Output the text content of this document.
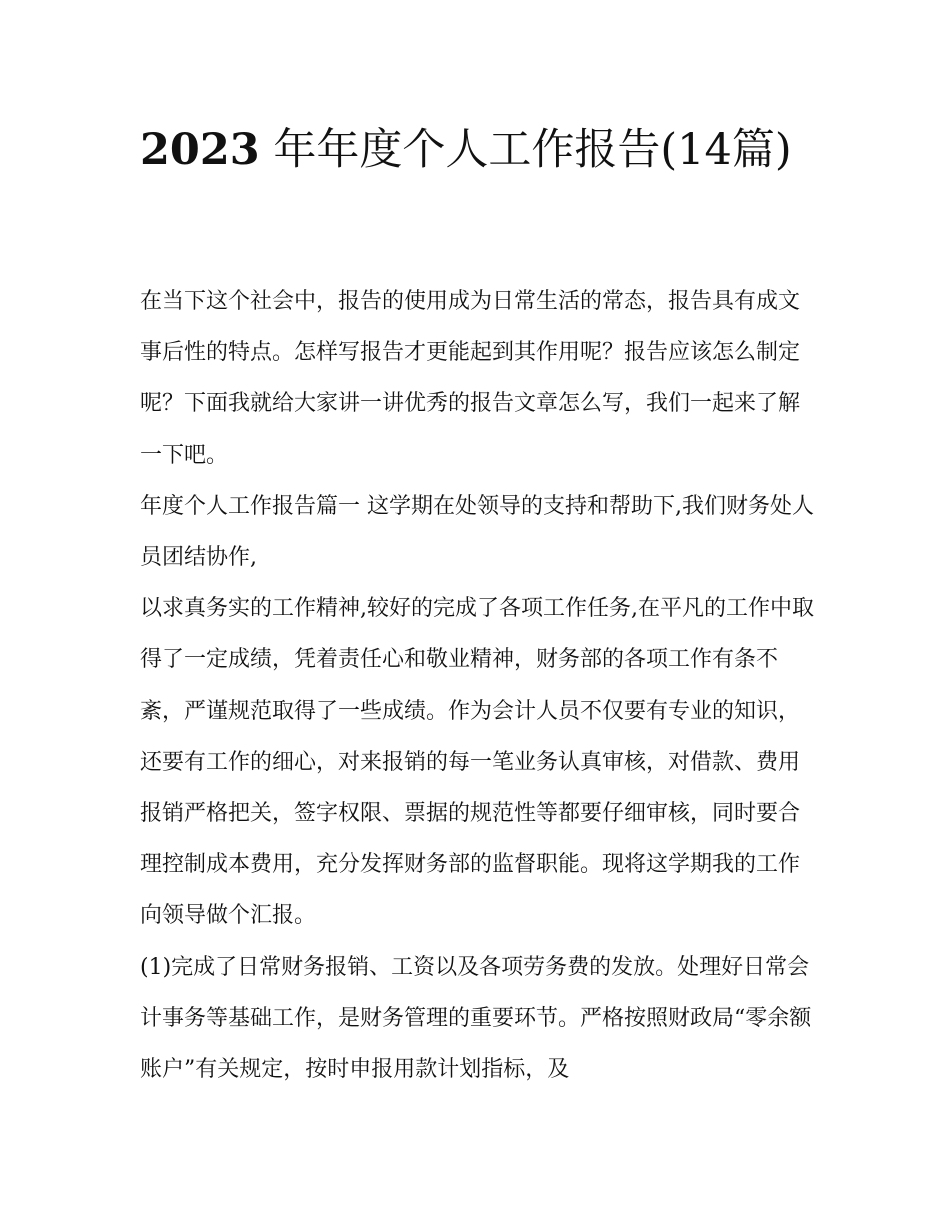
2023 年年度个人工作报告(14篇)

在当下这个社会中，报告的使用成为日常生活的常态，报告具有成文事后性的特点。怎样写报告才更能起到其作用呢？报告应该怎么制定呢？下面我就给大家讲一讲优秀的报告文章怎么写，我们一起来了解一下吧。

年度个人工作报告篇一 这学期在处领导的支持和帮助下,我们财务处人员团结协作,

以求真务实的工作精神,较好的完成了各项工作任务,在平凡的工作中取得了一定成绩，凭着责任心和敬业精神，财务部的各项工作有条不紊，严谨规范取得了一些成绩。作为会计人员不仅要有专业的知识，还要有工作的细心，对来报销的每一笔业务认真审核，对借款、费用报销严格把关，签字权限、票据的规范性等都要仔细审核，同时要合理控制成本费用，充分发挥财务部的监督职能。现将这学期我的工作向领导做个汇报。

(1)完成了日常财务报销、工资以及各项劳务费的发放。处理好日常会计事务等基础工作，是财务管理的重要环节。严格按照财政局“零余额账户”有关规定，按时申报用款计划指标，及
